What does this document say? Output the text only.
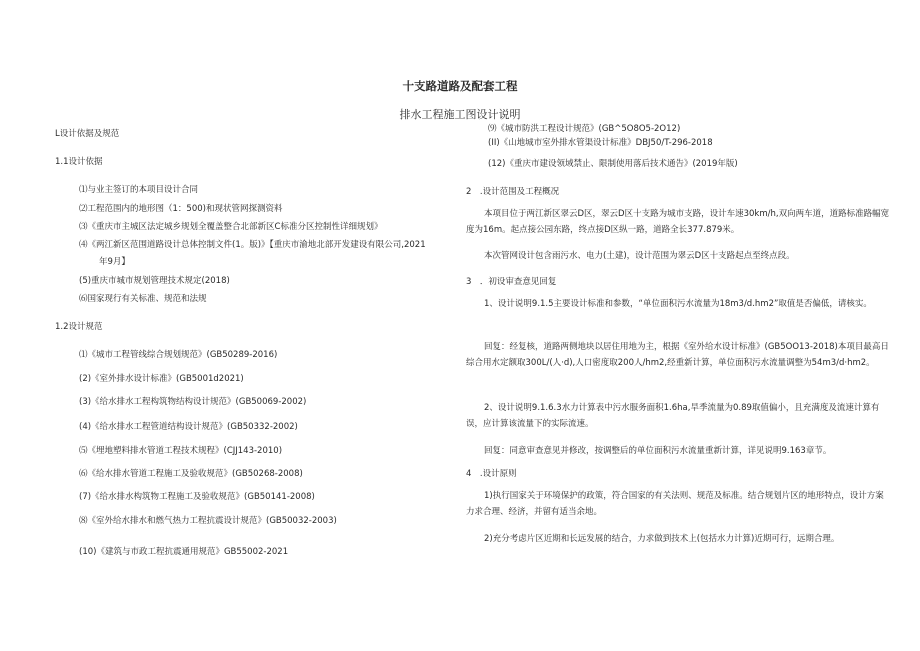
十支路道路及配套工程
排水工程施工图设计说明
L设计依据及规范
1.1设计依据
⑴与业主签订的本项目设计合同
⑵工程范围内的地形图（1：500)和现状管网探测资料
⑶《重庆市主城区法定城乡规划全覆盖整合北部新区C标准分区控制性详细规划》
⑷《两江新区范围道路设计总体控制文件(1。版)》【重庆市渝地北部开发建设有限公司,2021
年9月】
(5)重庆市城市规划管理技术规定(2018)
⑹国家现行有关标准、规范和法规
1.2设计规范
⑴《城市工程管线综合规划规范》(GB50289-2016)
(2)《室外排水设计标准》(GB5001d2021)
(3)《给水排水工程构筑物结构设计规范》(GB50069-2002)
(4)《给水排水工程管道结构设计规范》(GB50332-2002)
⑸《埋地塑料排水管道工程技术规程》(CJJ143-2010)
⑹《给水排水管道工程施工及验收规范》(GB50268-2008)
(7)《给水排水构筑物工程施工及验收规范》(GB50141-2008)
⑻《室外给水排水和燃气热力工程抗震设计规范》(GB50032-2003)
(10)《建筑与市政工程抗震通用规范》GB55002-2021
⑼《城市防洪工程设计规范》(GB^5O8O5-2O12)
(II)《山地城市室外排水管渠设计标准》DBJ50/T-296-2018
(12)《重庆市建设领域禁止、限制使用落后技术通告》(2019年版)
2　.设计范围及工程概况
本项目位于两江新区翠云D区，翠云D区十支路为城市支路，设计车速30km/h,双向两车道，道路标准路幅宽度为16m。起点接公园东路，终点接D区纵一路，道路全长377.879米。
本次管网设计包含雨污水、电力(土建)，设计范围为翠云D区十支路起点至终点段。
3　．初设审查意见回复
1、设计说明9.1.5主要设计标准和参数，“单位面积污水流量为18m3/d.hm2”取值是否偏低，请核实。
回复：经复核，道路两侧地块以居住用地为主，根据《室外给水设计标准》(GB5OO13-2018)本项目最高日综合用水定额取300L/(人·d),人口密度取200人/hm2,经重新计算，单位面积污水流量调整为54m3/d·hm2。
2、设计说明9.1.6.3水力计算表中污水服务面积1.6ha,旱季流量为0.89取值偏小，且充满度及流速计算有误，应计算该流量下的实际流速。
回复：同意审查意见并修改，按调整后的单位面积污水流量重新计算，详见说明9.163章节。
4　.设计原则
1)执行国家关于环境保护的政策，符合国家的有关法则、规范及标准。结合规划片区的地形特点，设计方案力求合理、经济，并留有适当余地。
2)充分考虑片区近期和长远发展的结合，力求做到技术上(包括水力计算)近期可行，远期合理。
